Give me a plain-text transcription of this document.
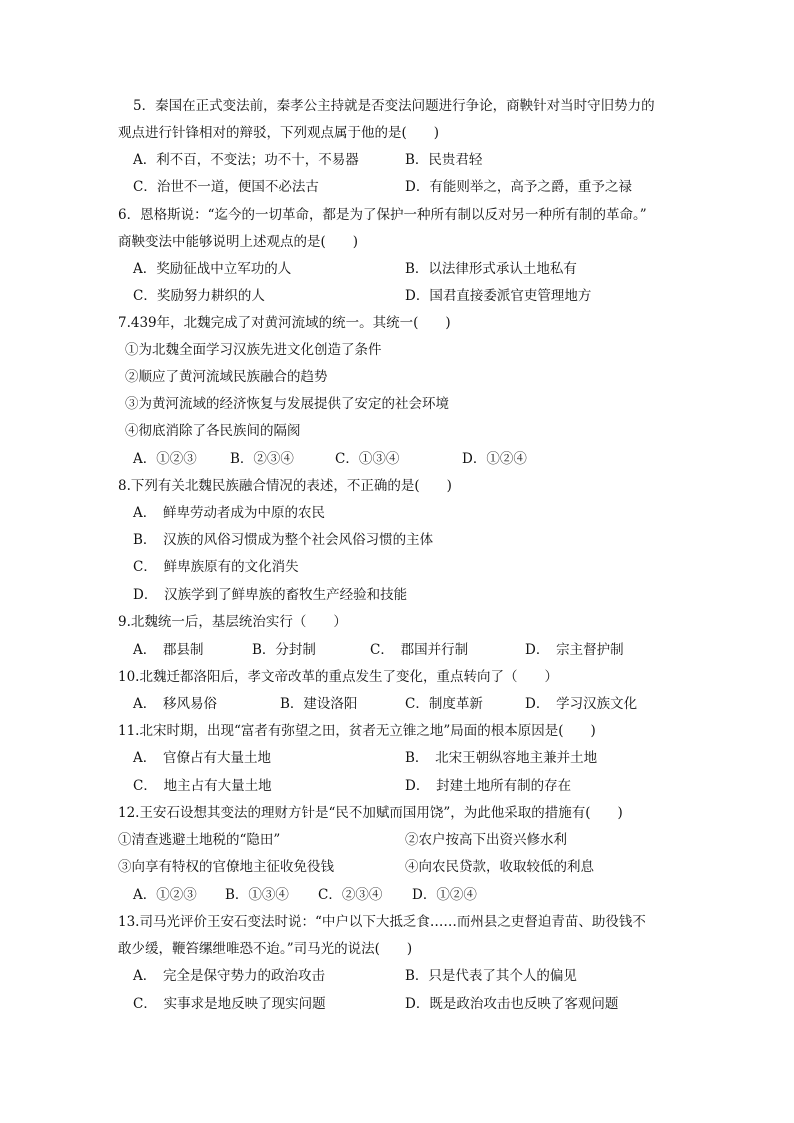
5．秦国在正式变法前，秦孝公主持就是否变法问题进行争论，商鞅针对当时守旧势力的
观点进行针锋相对的辩驳，下列观点属于他的是(　　)
A．利不百，不变法；功不十，不易器	B．民贵君轻
C．治世不一道，便国不必法古	D．有能则举之，高予之爵，重予之禄
6．恩格斯说：“迄今的一切革命，都是为了保护一种所有制以反对另一种所有制的革命。”
商鞅变法中能够说明上述观点的是(　　)
A．奖励征战中立军功的人	B．以法律形式承认土地私有
C．奖励努力耕织的人	D．国君直接委派官吏管理地方
7.439年，北魏完成了对黄河流域的统一。其统一(　　)
①为北魏全面学习汉族先进文化创造了条件
②顺应了黄河流域民族融合的趋势
③为黄河流域的经济恢复与发展提供了安定的社会环境
④彻底消除了各民族间的隔阂
A．①②③ B．②③④	C．①③④	D．①②④
8.下列有关北魏民族融合情况的表述，不正确的是(　　)
A．　鲜卑劳动者成为中原的农民
B．　汉族的风俗习惯成为整个社会风俗习惯的主体
C．　鲜卑族原有的文化消失
D．　汉族学到了鲜卑族的畜牧生产经验和技能
9.北魏统一后，基层统治实行（　　）
A．　郡县制	B．分封制	C．　郡国并行制	D．　宗主督护制
10.北魏迁都洛阳后，孝文帝改革的重点发生了变化，重点转向了（　　）
A．　移风易俗	B．建设洛阳	C．制度革新	D．　学习汉族文化
11.北宋时期，出现“富者有弥望之田，贫者无立锥之地”局面的根本原因是(　　)
A．　官僚占有大量土地	B．　北宋王朝纵容地主兼并土地
C．　地主占有大量土地	D．　封建土地所有制的存在
12.王安石设想其变法的理财方针是“民不加赋而国用饶”，为此他采取的措施有(　　)
①清查逃避土地税的“隐田”	②农户按高下出资兴修水利
③向享有特权的官僚地主征收免役钱	④向农民贷款，收取较低的利息
A．①②③ B．①③④ C．②③④ D．①②④
13.司马光评价王安石变法时说：“中户以下大抵乏食……而州县之吏督迫青苗、助役钱不
敢少缓，鞭笞缧绁唯恐不迨。”司马光的说法(　　)
A．　完全是保守势力的政治攻击	B．只是代表了其个人的偏见
C．　实事求是地反映了现实问题	D．既是政治攻击也反映了客观问题
